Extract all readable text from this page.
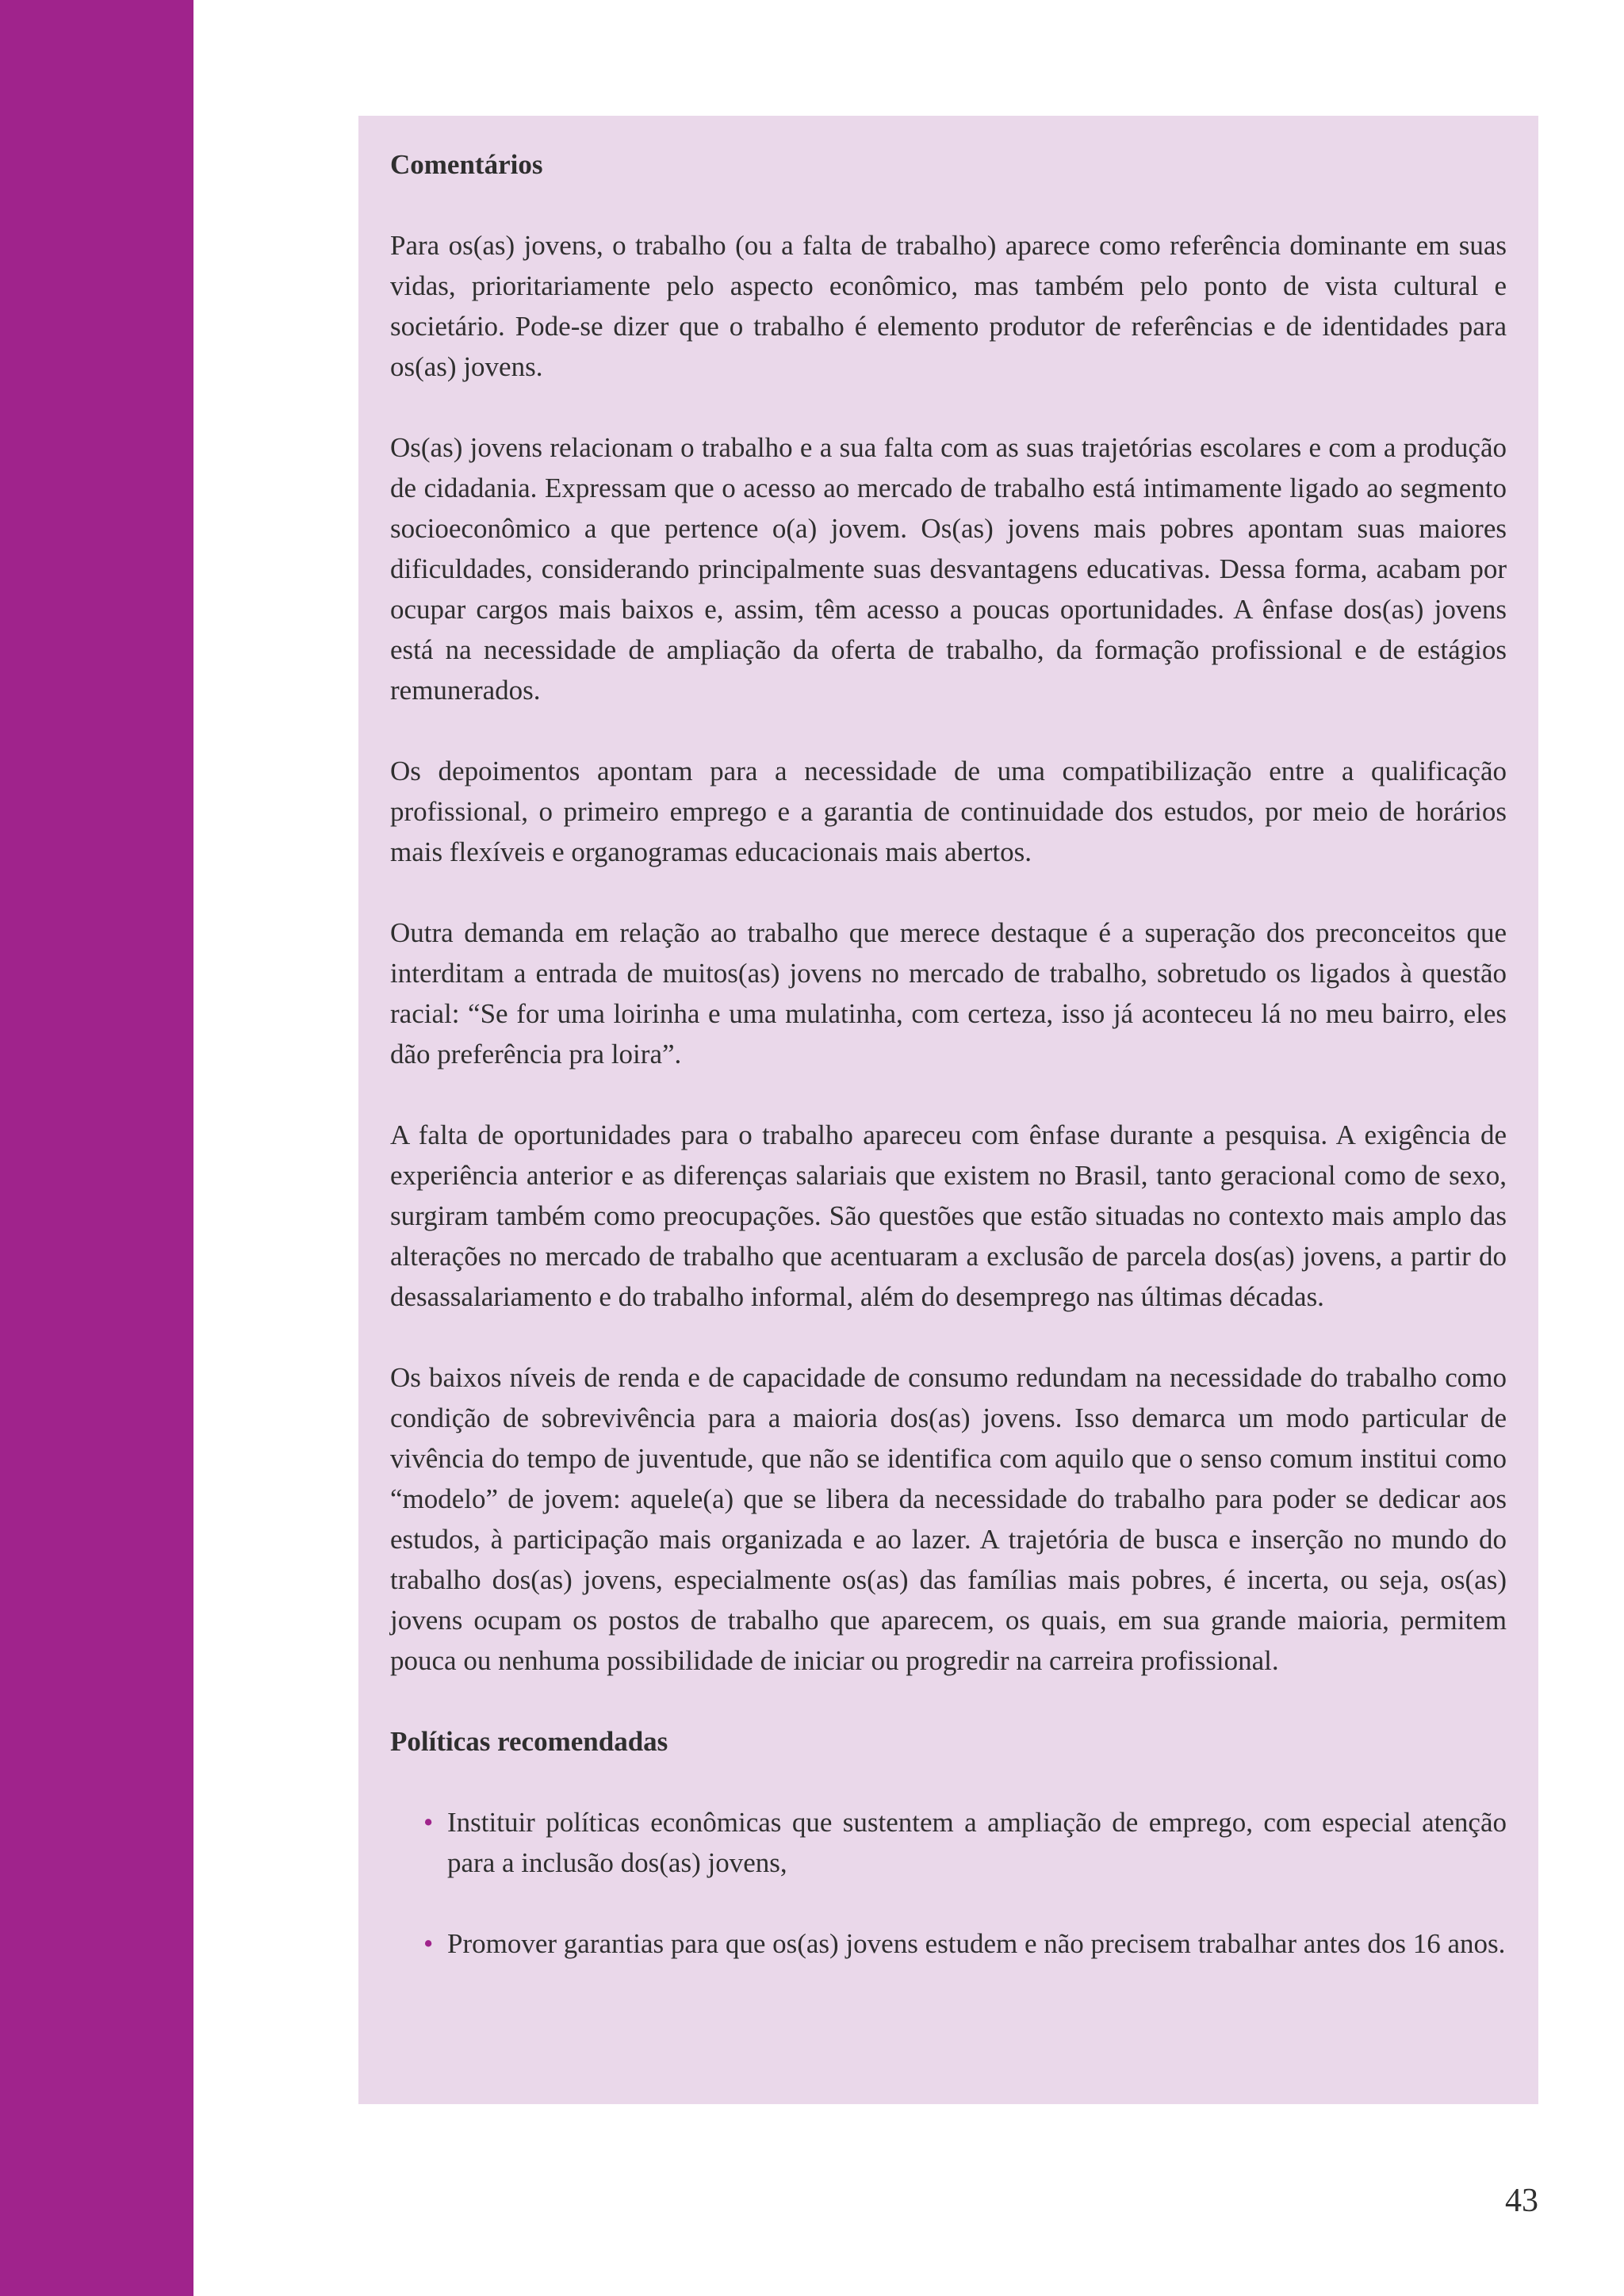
Comentários

Para os(as) jovens, o trabalho (ou a falta de trabalho) aparece como referência dominante em suas vidas, prioritariamente pelo aspecto econômico, mas também pelo ponto de vista cultural e societário. Pode-se dizer que o trabalho é elemento produtor de referências e de identidades para os(as) jovens.

Os(as) jovens relacionam o trabalho e a sua falta com as suas trajetórias escolares e com a produção de cidadania. Expressam que o acesso ao mercado de trabalho está intimamente ligado ao segmento socioeconômico a que pertence o(a) jovem. Os(as) jovens mais pobres apontam suas maiores dificuldades, considerando principalmente suas desvantagens educativas. Dessa forma, acabam por ocupar cargos mais baixos e, assim, têm acesso a poucas oportunidades. A ênfase dos(as) jovens está na necessidade de ampliação da oferta de trabalho, da formação profissional e de estágios remunerados.

Os depoimentos apontam para a necessidade de uma compatibilização entre a qualificação profissional, o primeiro emprego e a garantia de continuidade dos estudos, por meio de horários mais flexíveis e organogramas educacionais mais abertos.

Outra demanda em relação ao trabalho que merece destaque é a superação dos preconceitos que interditam a entrada de muitos(as) jovens no mercado de trabalho, sobretudo os ligados à questão racial: “Se for uma loirinha e uma mulatinha, com certeza, isso já aconteceu lá no meu bairro, eles dão preferência pra loira”.

A falta de oportunidades para o trabalho apareceu com ênfase durante a pesquisa. A exigência de experiência anterior e as diferenças salariais que existem no Brasil, tanto geracional como de sexo, surgiram também como preocupações. São questões que estão situadas no contexto mais amplo das alterações no mercado de trabalho que acentuaram a exclusão de parcela dos(as) jovens, a partir do desassalariamento e do trabalho informal, além do desemprego nas últimas décadas.

Os baixos níveis de renda e de capacidade de consumo redundam na necessidade do trabalho como condição de sobrevivência para a maioria dos(as) jovens. Isso demarca um modo particular de vivência do tempo de juventude, que não se identifica com aquilo que o senso comum institui como “modelo” de jovem: aquele(a) que se libera da necessidade do trabalho para poder se dedicar aos estudos, à participação mais organizada e ao lazer. A trajetória de busca e inserção no mundo do trabalho dos(as) jovens, especialmente os(as) das famílias mais pobres, é incerta, ou seja, os(as) jovens ocupam os postos de trabalho que aparecem, os quais, em sua grande maioria, permitem pouca ou nenhuma possibilidade de iniciar ou progredir na carreira profissional.

Políticas recomendadas
• Instituir políticas econômicas que sustentem a ampliação de emprego, com especial atenção para a inclusão dos(as) jovens,
• Promover garantias para que os(as) jovens estudem e não precisem trabalhar antes dos 16 anos.
43
